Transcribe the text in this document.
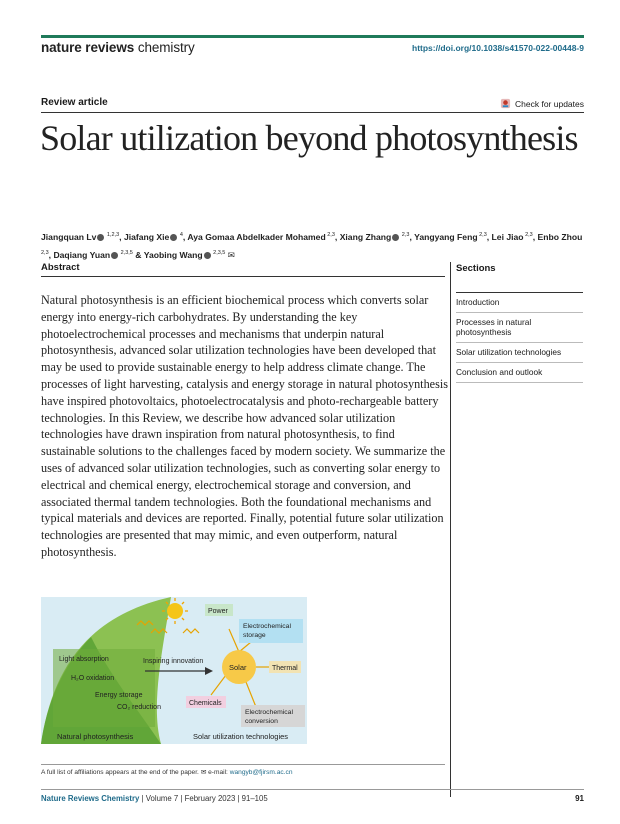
nature reviews chemistry	https://doi.org/10.1038/s41570-022-00448-9
Review article	Check for updates
Solar utilization beyond photosynthesis
Jiangquan Lv $^{1,2,3}$, Jiafang Xie $^4$, Aya Gomaa Abdelkader Mohamed $^{2,3}$, Xiang Zhang $^{2,3}$, Yangyang Feng $^{2,3}$, Lei Jiao $^{2,3}$, Enbo Zhou $^{2,3}$, Daqiang Yuan $^{2,3,5}$ & Yaobing Wang $^{2,3,5}$ ✉
Abstract

Natural photosynthesis is an efficient biochemical process which converts solar energy into energy-rich carbohydrates. By understanding the key photoelectrochemical processes and mechanisms that underpin natural photosynthesis, advanced solar utilization technologies have been developed that may be used to provide sustainable energy to help address climate change. The processes of light harvesting, catalysis and energy storage in natural photosynthesis have inspired photovoltaics, photoelectrocatalysis and photo-rechargeable battery technologies. In this Review, we describe how advanced solar utilization technologies have drawn inspiration from natural photosynthesis, to find sustainable solutions to the challenges faced by modern society. We summarize the uses of advanced solar utilization technologies, such as converting solar energy to electrical and chemical energy, electrochemical storage and conversion, and associated thermal tandem technologies. Both the foundational mechanisms and typical materials and devices are reported. Finally, potential future solar utilization technologies are presented that may mimic, and even outperform, natural photosynthesis.

Sections
Introduction
Processes in natural photosynthesis
Solar utilization technologies
Conclusion and outlook
Light absorption
H₂O oxidation
Energy storage
CO₂ reduction
Inspiring innovation
Solar
Power
Electrochemical
storage
Thermal
Chemicals
Electrochemical
conversion
Natural photosynthesis	Solar utilization technologies
A full list of affiliations appears at the end of the paper. ✉ e-mail: wangyb@fjirsm.ac.cn
Nature Reviews Chemistry | Volume 7 | February 2023 | 91–105	91
